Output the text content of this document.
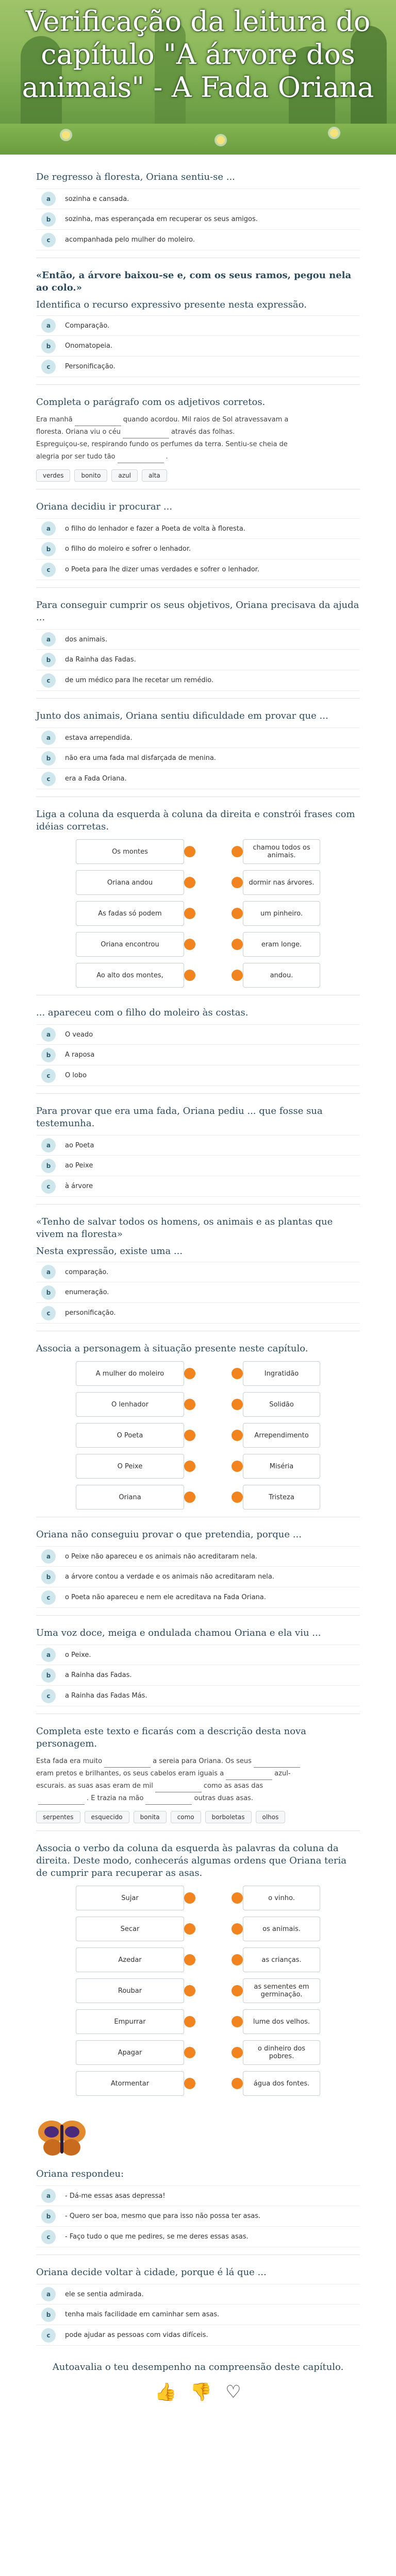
Verificação da leitura do capítulo "A árvore dos animais" - A Fada Oriana
De regresso à floresta, Oriana sentiu-se ...
a	sozinha e cansada.
b	sozinha, mas esperançada em recuperar os seus amigos.
c	acompanhada pelo mulher do moleiro.
«Então, a árvore baixou-se e, com os seus ramos, pegou nela ao colo.»
Identifica o recurso expressivo presente nesta expressão.
a	Comparação.
b	Onomatopeia.
c	Personificação.
Completa o parágrafo com os adjetivos corretos.
Era manhã	quando acordou. Mil raios de Sol atravessavam a
floresta. Oriana viu o céu	através das folhas.
Espreguiçou-se, respirando fundo os perfumes da terra. Sentiu-se cheia de
alegria por ser tudo tão	.
verdes	bonito	azul	alta
Oriana decidiu ir procurar ...
a	o filho do lenhador e fazer a Poeta de volta à floresta.
b	o filho do moleiro e sofrer o lenhador.
c	o Poeta para lhe dizer umas verdades e sofrer o lenhador.
Para conseguir cumprir os seus objetivos, Oriana precisava da ajuda ...
a	dos animais.
b	da Rainha das Fadas.
c	de um médico para lhe recetar um remédio.
Junto dos animais, Oriana sentiu dificuldade em provar que ...
a	estava arrependida.
b	não era uma fada mal disfarçada de menina.
c	era a Fada Oriana.
Liga a coluna da esquerda à coluna da direita e constrói frases com idéias corretas.
Os montes	chamou todos os animais.
Oriana andou	dormir nas árvores.
As fadas só podem	um pinheiro.
Oriana encontrou	eram longe.
Ao alto dos montes,	andou.
... apareceu com o filho do moleiro às costas.
a	O veado
b	A raposa
c	O lobo
Para provar que era uma fada, Oriana pediu ... que fosse sua testemunha.
a	ao Poeta
b	ao Peixe
c	à árvore
«Tenho de salvar todos os homens, os animais e as plantas que vivem na floresta»
Nesta expressão, existe uma ...
a	comparação.
b	enumeração.
c	personificação.
Associa a personagem à situação presente neste capítulo.
A mulher do moleiro	Ingratidão
O lenhador	Solidão
O Poeta	Arrependimento
O Peixe	Miséria
Oriana	Tristeza
Oriana não conseguiu provar o que pretendia, porque ...
a	o Peixe não apareceu e os animais não acreditaram nela.
b	a árvore contou a verdade e os animais não acreditaram nela.
c	o Poeta não apareceu e nem ele acreditava na Fada Oriana.
Uma voz doce, meiga e ondulada chamou Oriana e ela viu ...
a	o Peixe.
b	a Rainha das Fadas.
c	a Rainha das Fadas Más.
Completa este texto e ficarás com a descrição desta nova personagem.
Esta fada era muito	a sereia para Oriana. Os seus
eram pretos e brilhantes, os seus cabelos eram iguais a	azul-
escurais. as suas asas eram de mil	como as asas das
. E trazia na mão	outras duas asas.
serpentes	esquecido	bonita	como	borboletas	olhos
Associa o verbo da coluna da esquerda às palavras da coluna da direita. Deste modo, conhecerás algumas ordens que Oriana teria de cumprir para recuperar as asas.
Sujar	o vinho.
Secar	os animais.
Azedar	as crianças.
Roubar	as sementes em germinação.
Empurrar	lume dos velhos.
Apagar	o dinheiro dos pobres.
Atormentar	água dos fontes.
Oriana respondeu:
a	- Dá-me essas asas depressa!
b	- Quero ser boa, mesmo que para isso não possa ter asas.
c	- Faço tudo o que me pedires, se me deres essas asas.
Oriana decide voltar à cidade, porque é lá que ...
a	ele se sentia admirada.
b	tenha mais facilidade em caminhar sem asas.
c	pode ajudar as pessoas com vidas difíceis.
Autoavalia o teu desempenho na compreensão deste capítulo.
👍 👎 ♡
